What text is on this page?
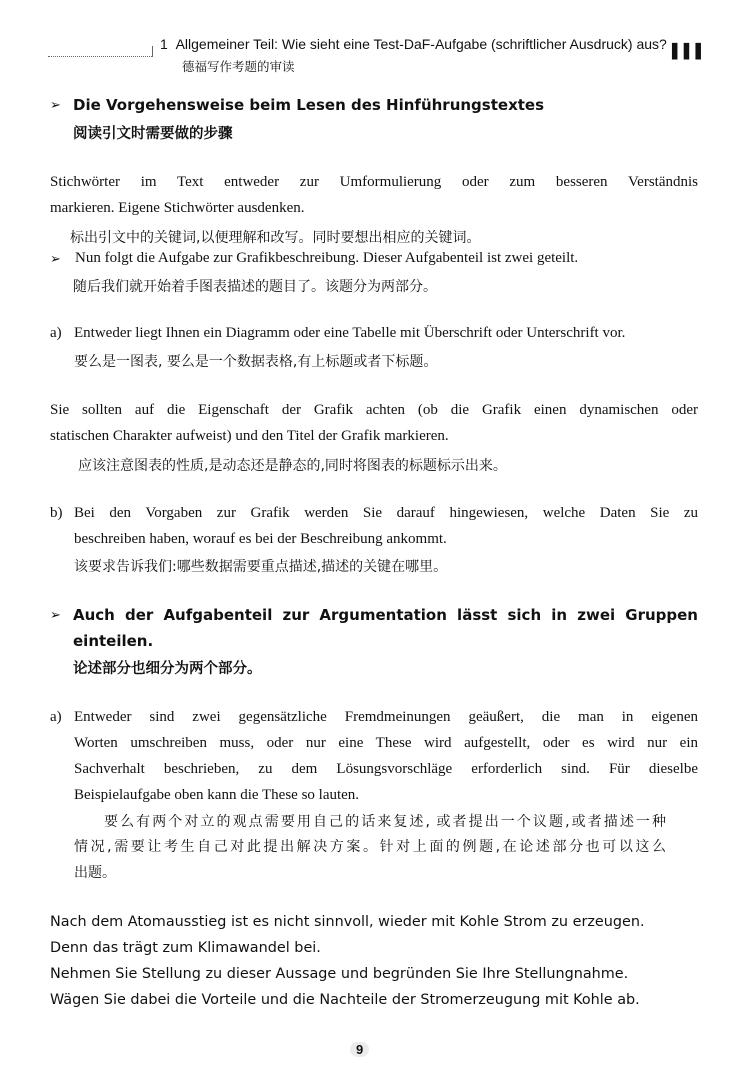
1 Allgemeiner Teil: Wie sieht eine Test-DaF-Aufgabe (schriftlicher Ausdruck) aus?
德福写作考题的审读
▌▌▌
➢ Die Vorgehensweise beim Lesen des Hinführungstextes
阅读引文时需要做的步骤
Stichwörter im Text entweder zur Umformulierung oder zum besseren Verständnis
markieren. Eigene Stichwörter ausdenken.
标出引文中的关键词,以便理解和改写。同时要想出相应的关键词。
➢ Nun folgt die Aufgabe zur Grafikbeschreibung. Dieser Aufgabenteil ist zwei geteilt.
随后我们就开始着手图表描述的题目了。该题分为两部分。
a) Entweder liegt Ihnen ein Diagramm oder eine Tabelle mit Überschrift oder Unterschrift vor.
要么是一图表, 要么是一个数据表格,有上标题或者下标题。
Sie sollten auf die Eigenschaft der Grafik achten (ob die Grafik einen dynamischen oder
statischen Charakter aufweist) und den Titel der Grafik markieren.
应该注意图表的性质,是动态还是静态的,同时将图表的标题标示出来。
b) Bei den Vorgaben zur Grafik werden Sie darauf hingewiesen, welche Daten Sie zu
beschreiben haben, worauf es bei der Beschreibung ankommt.
该要求告诉我们:哪些数据需要重点描述,描述的关键在哪里。
➢ Auch der Aufgabenteil zur Argumentation lässt sich in zwei Gruppen
einteilen.
论述部分也细分为两个部分。
a) Entweder sind zwei gegensätzliche Fremdmeinungen geäußert, die man in eigenen
Worten umschreiben muss, oder nur eine These wird aufgestellt, oder es wird nur ein
Sachverhalt beschrieben, zu dem Lösungsvorschläge erforderlich sind. Für dieselbe
Beispielaufgabe oben kann die These so lauten.
要么有两个对立的观点需要用自己的话来复述, 或者提出一个议题,或者描述一种
情况,需要让考生自己对此提出解决方案。针对上面的例题,在论述部分也可以这么
出题。
Nach dem Atomausstieg ist es nicht sinnvoll, wieder mit Kohle Strom zu erzeugen.
Denn das trägt zum Klimawandel bei.
Nehmen Sie Stellung zu dieser Aussage und begründen Sie Ihre Stellungnahme.
Wägen Sie dabei die Vorteile und die Nachteile der Stromerzeugung mit Kohle ab.
9
